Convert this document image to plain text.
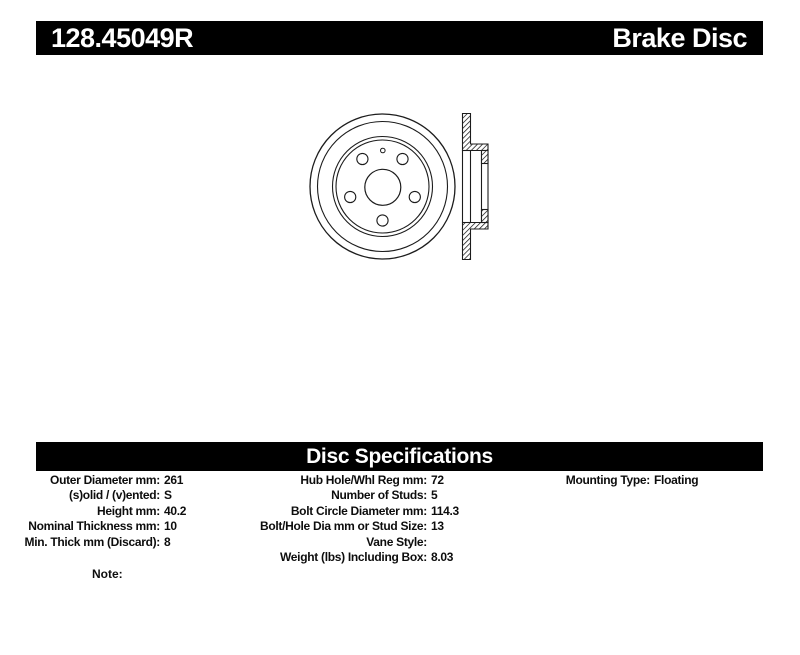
128.45049R	Brake Disc
Disc Specifications
Outer Diameter mm: 261
(s)olid / (v)ented: S
Height mm: 40.2
Nominal Thickness mm: 10
Min. Thick mm (Discard): 8
Hub Hole/Whl Reg mm: 72
Number of Studs: 5
Bolt Circle Diameter mm: 114.3
Bolt/Hole Dia mm or Stud Size: 13
Vane Style:
Weight (lbs) Including Box: 8.03
Mounting Type: Floating
Note:
